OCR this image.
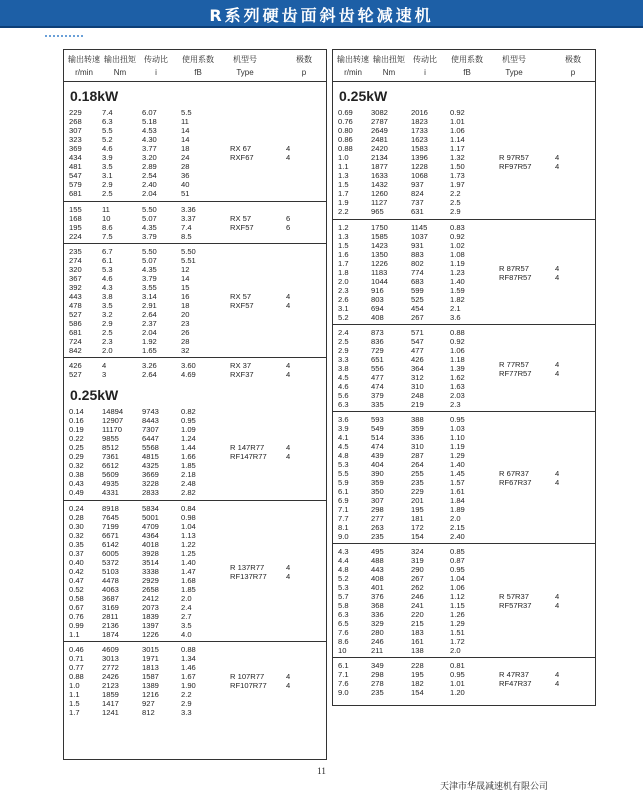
R系列硬齿面斜齿轮减速机
输出转速 输出扭矩 传动比	使用系数	机型号	极数
r/min	Nm	i	fB	Type	p
0.18kW
229	7.4	6.07	5.5
268	6.3	5.18	11
307	5.5	4.53	14
323	5.2	4.30	14
369	4.6	3.77	18
434	3.9	3.20	24
481	3.5	2.89	28
547	3.1	2.54	36
579	2.9	2.40	40
681	2.5	2.04	51
RX 67	4
RXF67	4
155	11	5.50	3.36
168	10	5.07	3.37
195	8.6	4.35	7.4
224	7.5	3.79	8.5
RX 57	6
RXF57	6
235	6.7	5.50	5.50
274	6.1	5.07	5.51
320	5.3	4.35	12
367	4.6	3.79	14
392	4.3	3.55	15
443	3.8	3.14	16
478	3.5	2.91	18
527	3.2	2.64	20
586	2.9	2.37	23
681	2.5	2.04	26
724	2.3	1.92	28
842	2.0	1.65	32
RX 57	4
RXF57	4
426	4	3.26	3.60
527	3	2.64	4.69
RX 37	4
RXF37	4
0.25kW
0.14 14894 9743	0.82
0.16 12907 8443	0.95
0.19 11170	7307	1.09
0.22 9855	6447	1.24
0.25 8512	5568	1.44
0.29 7361	4815	1.66
0.32 6612	4325	1.85
0.38 5609	3669	2.18
0.43 4935	3228	2.48
0.49 4331	2833	2.82
R 147R77	4
RF147R77	4
0.24 8918	5834	0.84
0.28 7645	5001	0.98
0.30 7199	4709	1.04
0.32 6671	4364	1.13
0.35 6142	4018	1.22
0.37 6005	3928	1.25
0.40 5372	3514	1.40
0.42 5103	3338	1.47
0.47 4478	2929	1.68
0.52 4063	2658	1.85
0.58 3687	2412	2.0
0.67 3169	2073	2.4
0.76 2811	1839	2.7
0.99 2136	1397	3.5
1.1	1874	1226	4.0
R 137R77	4
RF137R77	4
0.46 4609	3015	0.88
0.71 3013	1971	1.34
0.77 2772	1813	1.46
0.88 2426	1587	1.67
1.0	2123	1389	1.90
1.1	1859	1216	2.2
1.5	1417	927	2.9
1.7	1241	812	3.3
R 107R77	4
RF107R77	4
输出转速 输出扭矩 传动比	使用系数	机型号	极数
r/min	Nm	i	fB	Type	p
0.25kW
0.69 3082	2016	0.92
0.76 2787	1823	1.01
0.80 2649	1733	1.06
0.86 2481	1623	1.14
0.88 2420	1583	1.17
1.0	2134	1396	1.32
1.1	1877	1228	1.50
1.3	1633	1068	1.73
1.5	1432	937	1.97
1.7	1260	824	2.2
1.9	1127	737	2.5
2.2	965	631	2.9
R 97R57	4
RF97R57	4
1.2	1750	1145	0.83
1.3	1585	1037	0.92
1.5	1423	931	1.02
1.6	1350	883	1.08
1.7	1226	802	1.19
1.8	1183	774	1.23
2.0	1044	683	1.40
2.3	916	599	1.59
2.6	803	525	1.82
3.1	694	454	2.1
5.2	408	267	3.6
R 87R57	4
RF87R57	4
2.4	873	571	0.88
2.5	836	547	0.92
2.9	729	477	1.06
3.3	651	426	1.18
3.8	556	364	1.39
4.5	477	312	1.62
4.6	474	310	1.63
5.6	379	248	2.03
6.3	335	219	2.3
R 77R57	4
RF77R57	4
3.6	593	388	0.95
3.9	549	359	1.03
4.1	514	336	1.10
4.5	474	310	1.19
4.8	439	287	1.29
5.3	404	264	1.40
5.5	390	255	1.45
5.9	359	235	1.57
6.1	350	229	1.61
6.9	307	201	1.84
7.1	298	195	1.89
7.7	277	181	2.0
8.1	263	172	2.15
9.0	235	154	2.40
R 67R37	4
RF67R37	4
4.3	495	324	0.85
4.4	488	319	0.87
4.8	443	290	0.95
5.2	408	267	1.04
5.3	401	262	1.06
5.7	376	246	1.12
5.8	368	241	1.15
6.3	336	220	1.26
6.5	329	215	1.29
7.6	280	183	1.51
8.6	246	161	1.72
10	211	138	2.0
R 57R37	4
RF57R37	4
6.1	349	228	0.81
7.1	298	195	0.95
7.6	278	182	1.01
9.0	235	154	1.20
R 47R37	4
RF47R37	4
11
天津市华晟减速机有限公司
